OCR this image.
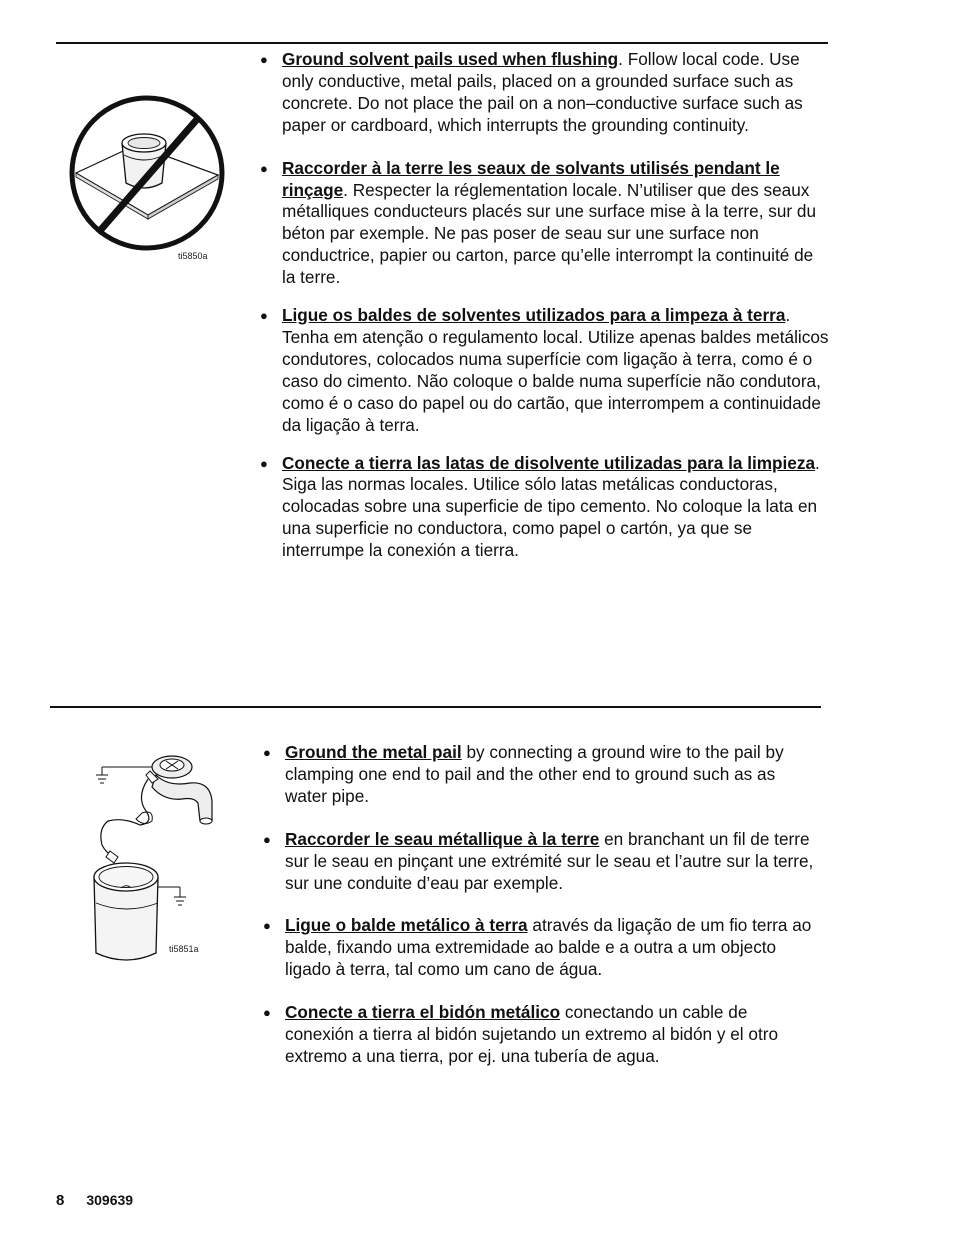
ti5850a
● Ground solvent pails used when flushing. Follow local code. Use only conductive, metal pails, placed on a grounded surface such as concrete. Do not place the pail on a non–conductive surface such as paper or cardboard, which interrupts the grounding continuity.
● Raccorder à la terre les seaux de solvants utilisés pendant le rinçage. Respecter la réglementation locale. N’utiliser que des seaux métalliques conducteurs placés sur une surface mise à la terre, sur du béton par exemple. Ne pas poser de seau sur une surface non conductrice, papier ou carton, parce qu’elle interrompt la continuité de la terre.
● Ligue os baldes de solventes utilizados para a limpeza à terra. Tenha em atenção o regulamento local. Utilize apenas baldes metálicos condutores, colocados numa superfície com ligação à terra, como é o caso do cimento. Não coloque o balde numa superfície não condutora, como é o caso do papel ou do cartão, que interrompem a continuidade da ligação à terra.
● Conecte a tierra las latas de disolvente utilizadas para la limpieza. Siga las normas locales. Utilice sólo latas metálicas conductoras, colocadas sobre una superficie de tipo cemento. No coloque la lata en una superficie no conductora, como papel o cartón, ya que se interrumpe la conexión a tierra.
ti5851a
● Ground the metal pail by connecting a ground wire to the pail by clamping one end to pail and the other end to ground such as as water pipe.
● Raccorder le seau métallique à la terre en branchant un fil de terre sur le seau en pinçant une extrémité sur le seau et l’autre sur la terre, sur une conduite d’eau par exemple.
● Ligue o balde metálico à terra através da ligação de um fio terra ao balde, fixando uma extremidade ao balde e a outra a um objecto ligado à terra, tal como um cano de água.
● Conecte a tierra el bidón metálico conectando un cable de conexión a tierra al bidón sujetando un extremo al bidón y el otro extremo a una tierra, por ej. una tubería de agua.
8 309639
